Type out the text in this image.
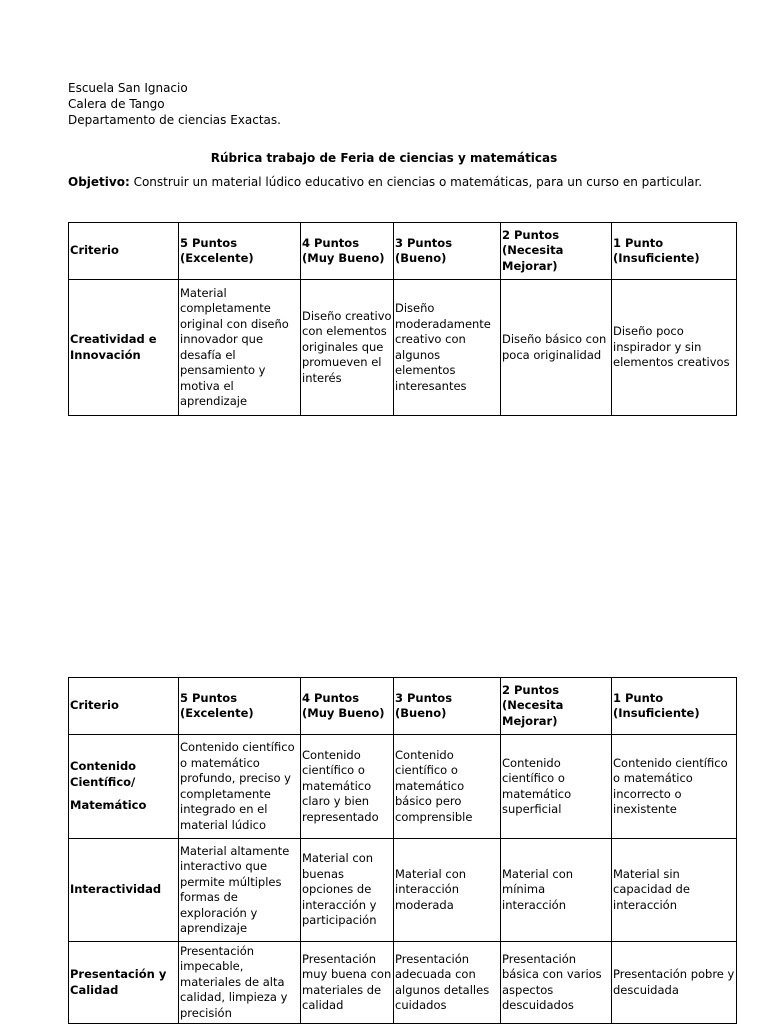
Escuela San Ignacio
Calera de Tango
Departamento de ciencias Exactas.
Rúbrica trabajo de Feria de ciencias y matemáticas
Objetivo: Construir un material lúdico educativo en ciencias o matemáticas, para un curso en particular.
Criterio	5 Puntos (Excelente)	4 Puntos (Muy Bueno)	3 Puntos (Bueno)	2 Puntos (Necesita Mejorar)	1 Punto (Insuficiente)
Creatividad e Innovación	Material completamente original con diseño innovador que desafía el pensamiento y motiva el aprendizaje	Diseño creativo con elementos originales que promueven el interés	Diseño moderadamente creativo con algunos elementos interesantes	Diseño básico con poca originalidad	Diseño poco inspirador y sin elementos creativos
Criterio	5 Puntos (Excelente)	4 Puntos (Muy Bueno)	3 Puntos (Bueno)	2 Puntos (Necesita Mejorar)	1 Punto (Insuficiente)
Contenido Científico/
Matemático	Contenido científico o matemático profundo, preciso y completamente integrado en el material lúdico	Contenido científico o matemático claro y bien representado	Contenido científico o matemático básico pero comprensible	Contenido científico o matemático superficial	Contenido científico o matemático incorrecto o inexistente
Interactividad	Material altamente interactivo que permite múltiples formas de exploración y aprendizaje	Material con buenas opciones de interacción y participación	Material con interacción moderada	Material con mínima interacción	Material sin capacidad de interacción
Presentación y Calidad	Presentación impecable, materiales de alta calidad, limpieza y precisión	Presentación muy buena con materiales de calidad	Presentación adecuada con algunos detalles cuidados	Presentación básica con varios aspectos descuidados	Presentación pobre y descuidada
